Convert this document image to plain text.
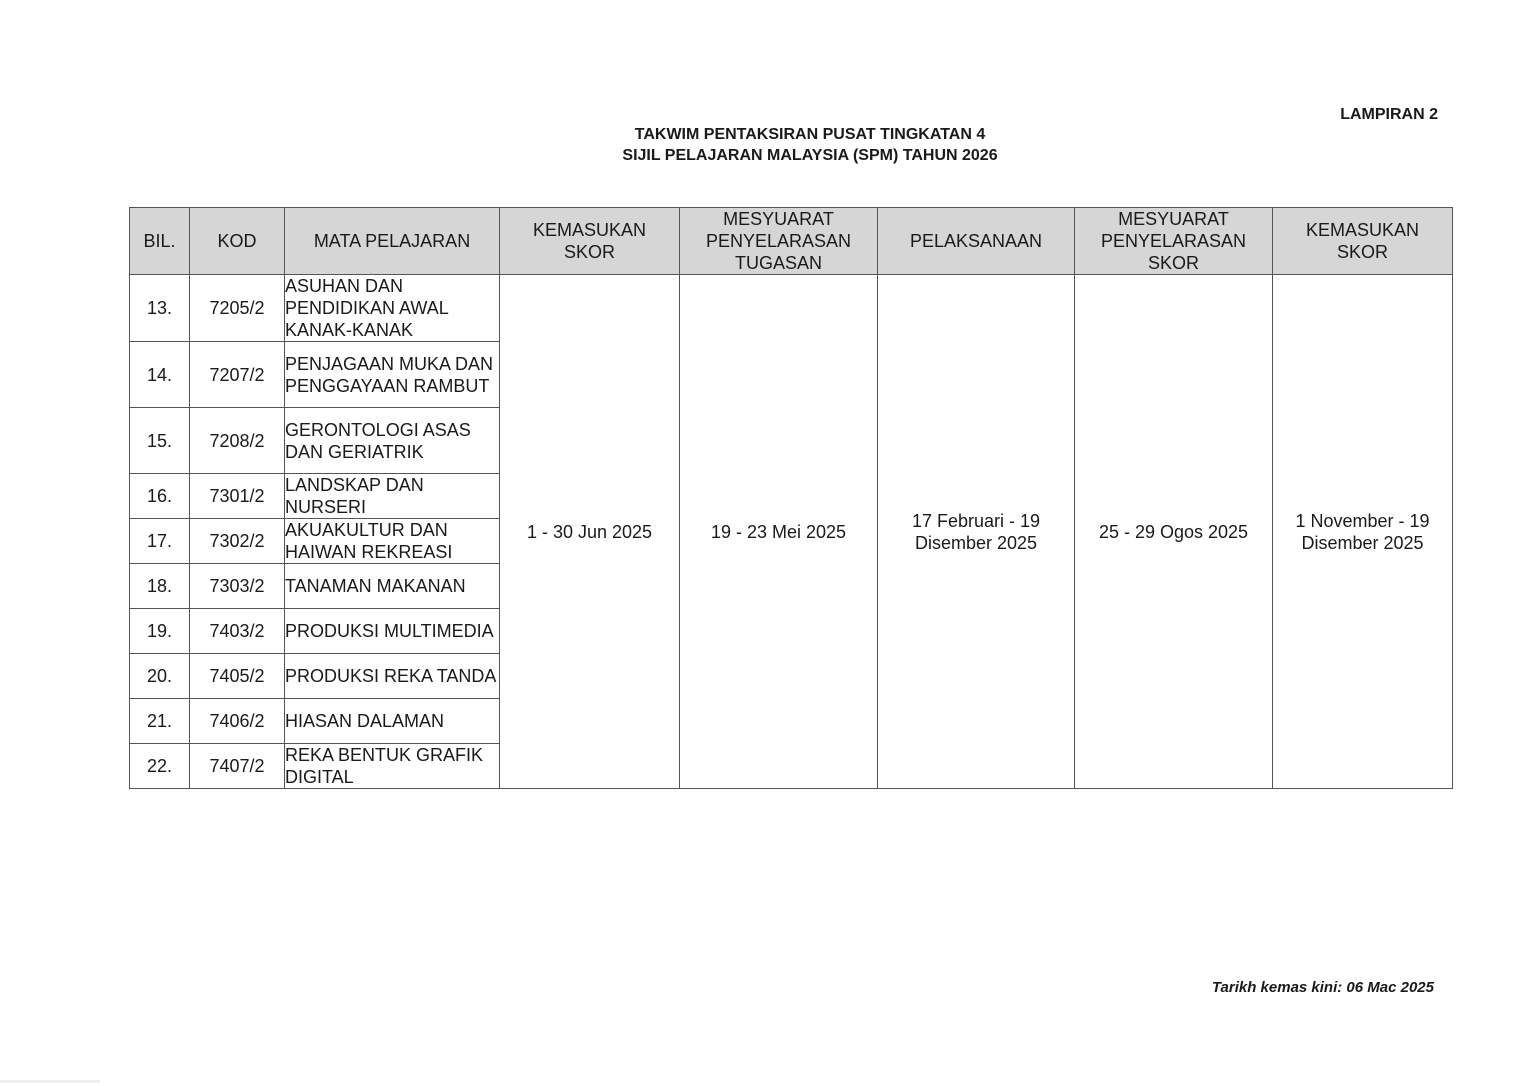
LAMPIRAN 2
TAKWIM PENTAKSIRAN PUSAT TINGKATAN 4
SIJIL PELAJARAN MALAYSIA (SPM) TAHUN 2026
BIL.	KOD	MATA PELAJARAN	KEMASUKAN SKOR	MESYUARAT PENYELARASAN TUGASAN	PELAKSANAAN	MESYUARAT PENYELARASAN SKOR	KEMASUKAN SKOR
13.	7205/2	ASUHAN DAN PENDIDIKAN AWAL KANAK-KANAK	1 - 30 Jun 2025	19 - 23 Mei 2025	17 Februari - 19 Disember 2025	25 - 29 Ogos 2025	1 November - 19 Disember 2025
14.	7207/2	PENJAGAAN MUKA DAN PENGGAYAAN RAMBUT					
15.	7208/2	GERONTOLOGI ASAS DAN GERIATRIK					
16.	7301/2	LANDSKAP DAN NURSERI					
17.	7302/2	AKUAKULTUR DAN HAIWAN REKREASI					
18.	7303/2	TANAMAN MAKANAN					
19.	7403/2	PRODUKSI MULTIMEDIA					
20.	7405/2	PRODUKSI REKA TANDA					
21.	7406/2	HIASAN DALAMAN					
22.	7407/2	REKA BENTUK GRAFIK DIGITAL					
Tarikh kemas kini: 06 Mac 2025
